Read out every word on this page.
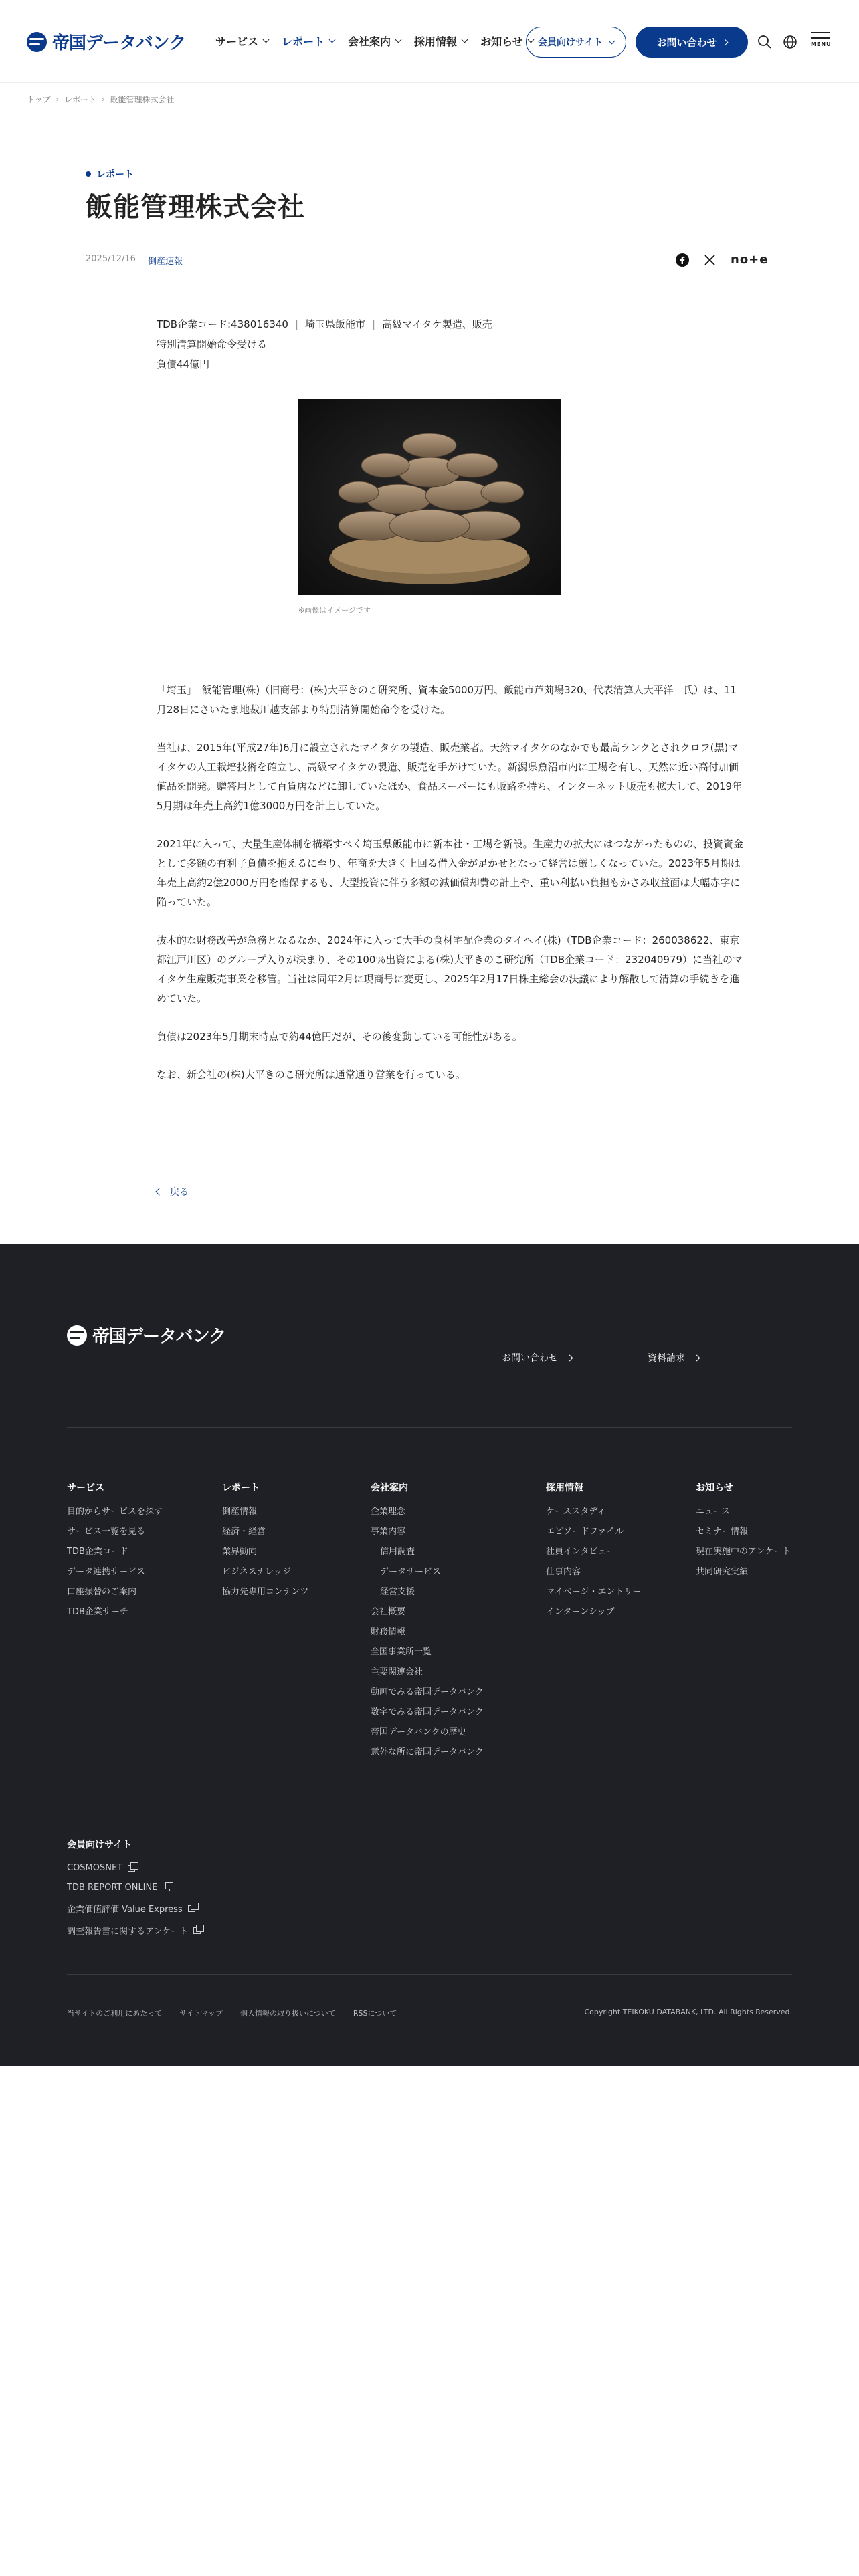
帝国データバンク	サービス レポート 会社案内 採用情報 お知らせ 会員向けサイト	お問い合わせ	MENU
トップ › レポート › 飯能管理株式会社
レポート
飯能管理株式会社
2025/12/16 倒産速報	no+e
TDB企業コード:438016340 | 埼玉県飯能市 | 高級マイタケ製造、販売
特別清算開始命令受ける
負債44億円
※画像はイメージです

「埼玉」　飯能管理(株)（旧商号：(株)大平きのこ研究所、資本金5000万円、飯能市芦苅場320、代表清算人大平洋一氏）は、11月28日にさいたま地裁川越支部より特別清算開始命令を受けた。

当社は、2015年(平成27年)6月に設立されたマイタケの製造、販売業者。天然マイタケのなかでも最高ランクとされクロフ(黒)マイタケの人工栽培技術を確立し、高級マイタケの製造、販売を手がけていた。新潟県魚沼市内に工場を有し、天然に近い高付加価値品を開発。贈答用として百貨店などに卸していたほか、食品スーパーにも販路を持ち、インターネット販売も拡大して、2019年5月期は年売上高約1億3000万円を計上していた。

2021年に入って、大量生産体制を構築すべく埼玉県飯能市に新本社・工場を新設。生産力の拡大にはつながったものの、投資資金として多額の有利子負債を抱えるに至り、年商を大きく上回る借入金が足かせとなって経営は厳しくなっていた。2023年5月期は年売上高約2億2000万円を確保するも、大型投資に伴う多額の減価償却費の計上や、重い利払い負担もかさみ収益面は大幅赤字に陥っていた。

抜本的な財務改善が急務となるなか、2024年に入って大手の食材宅配企業のタイヘイ(株)（TDB企業コード：260038622、東京都江戸川区）のグループ入りが決まり、その100％出資による(株)大平きのこ研究所（TDB企業コード：232040979）に当社のマイタケ生産販売事業を移管。当社は同年2月に現商号に変更し、2025年2月17日株主総会の決議により解散して清算の手続きを進めていた。

負債は2023年5月期末時点で約44億円だが、その後変動している可能性がある。

なお、新会社の(株)大平きのこ研究所は通常通り営業を行っている。

戻る
帝国データバンク
お問い合わせ	資料請求
サービス
目的からサービスを探す
サービス一覧を見る
TDB企業コード
データ連携サービス
口座振替のご案内
TDB企業サーチ
レポート
倒産情報
経済・経営
業界動向
ビジネスナレッジ
協力先専用コンテンツ
会社案内
企業理念
事業内容
信用調査
データサービス
経営支援
会社概要
財務情報
全国事業所一覧
主要関連会社
動画でみる帝国データバンク
数字でみる帝国データバンク
帝国データバンクの歴史
意外な所に帝国データバンク
採用情報
ケーススタディ
エピソードファイル
社員インタビュー
仕事内容
マイページ・エントリー
インターンシップ
お知らせ
ニュース
セミナー情報
現在実施中のアンケート
共同研究実績
会員向けサイト
COSMOSNET
TDB REPORT ONLINE
企業価値評価 Value Express
調査報告書に関するアンケート
当サイトのご利用にあたって サイトマップ 個人情報の取り扱いについて RSSについて	Copyright TEIKOKU DATABANK, LTD. All Rights Reserved.
